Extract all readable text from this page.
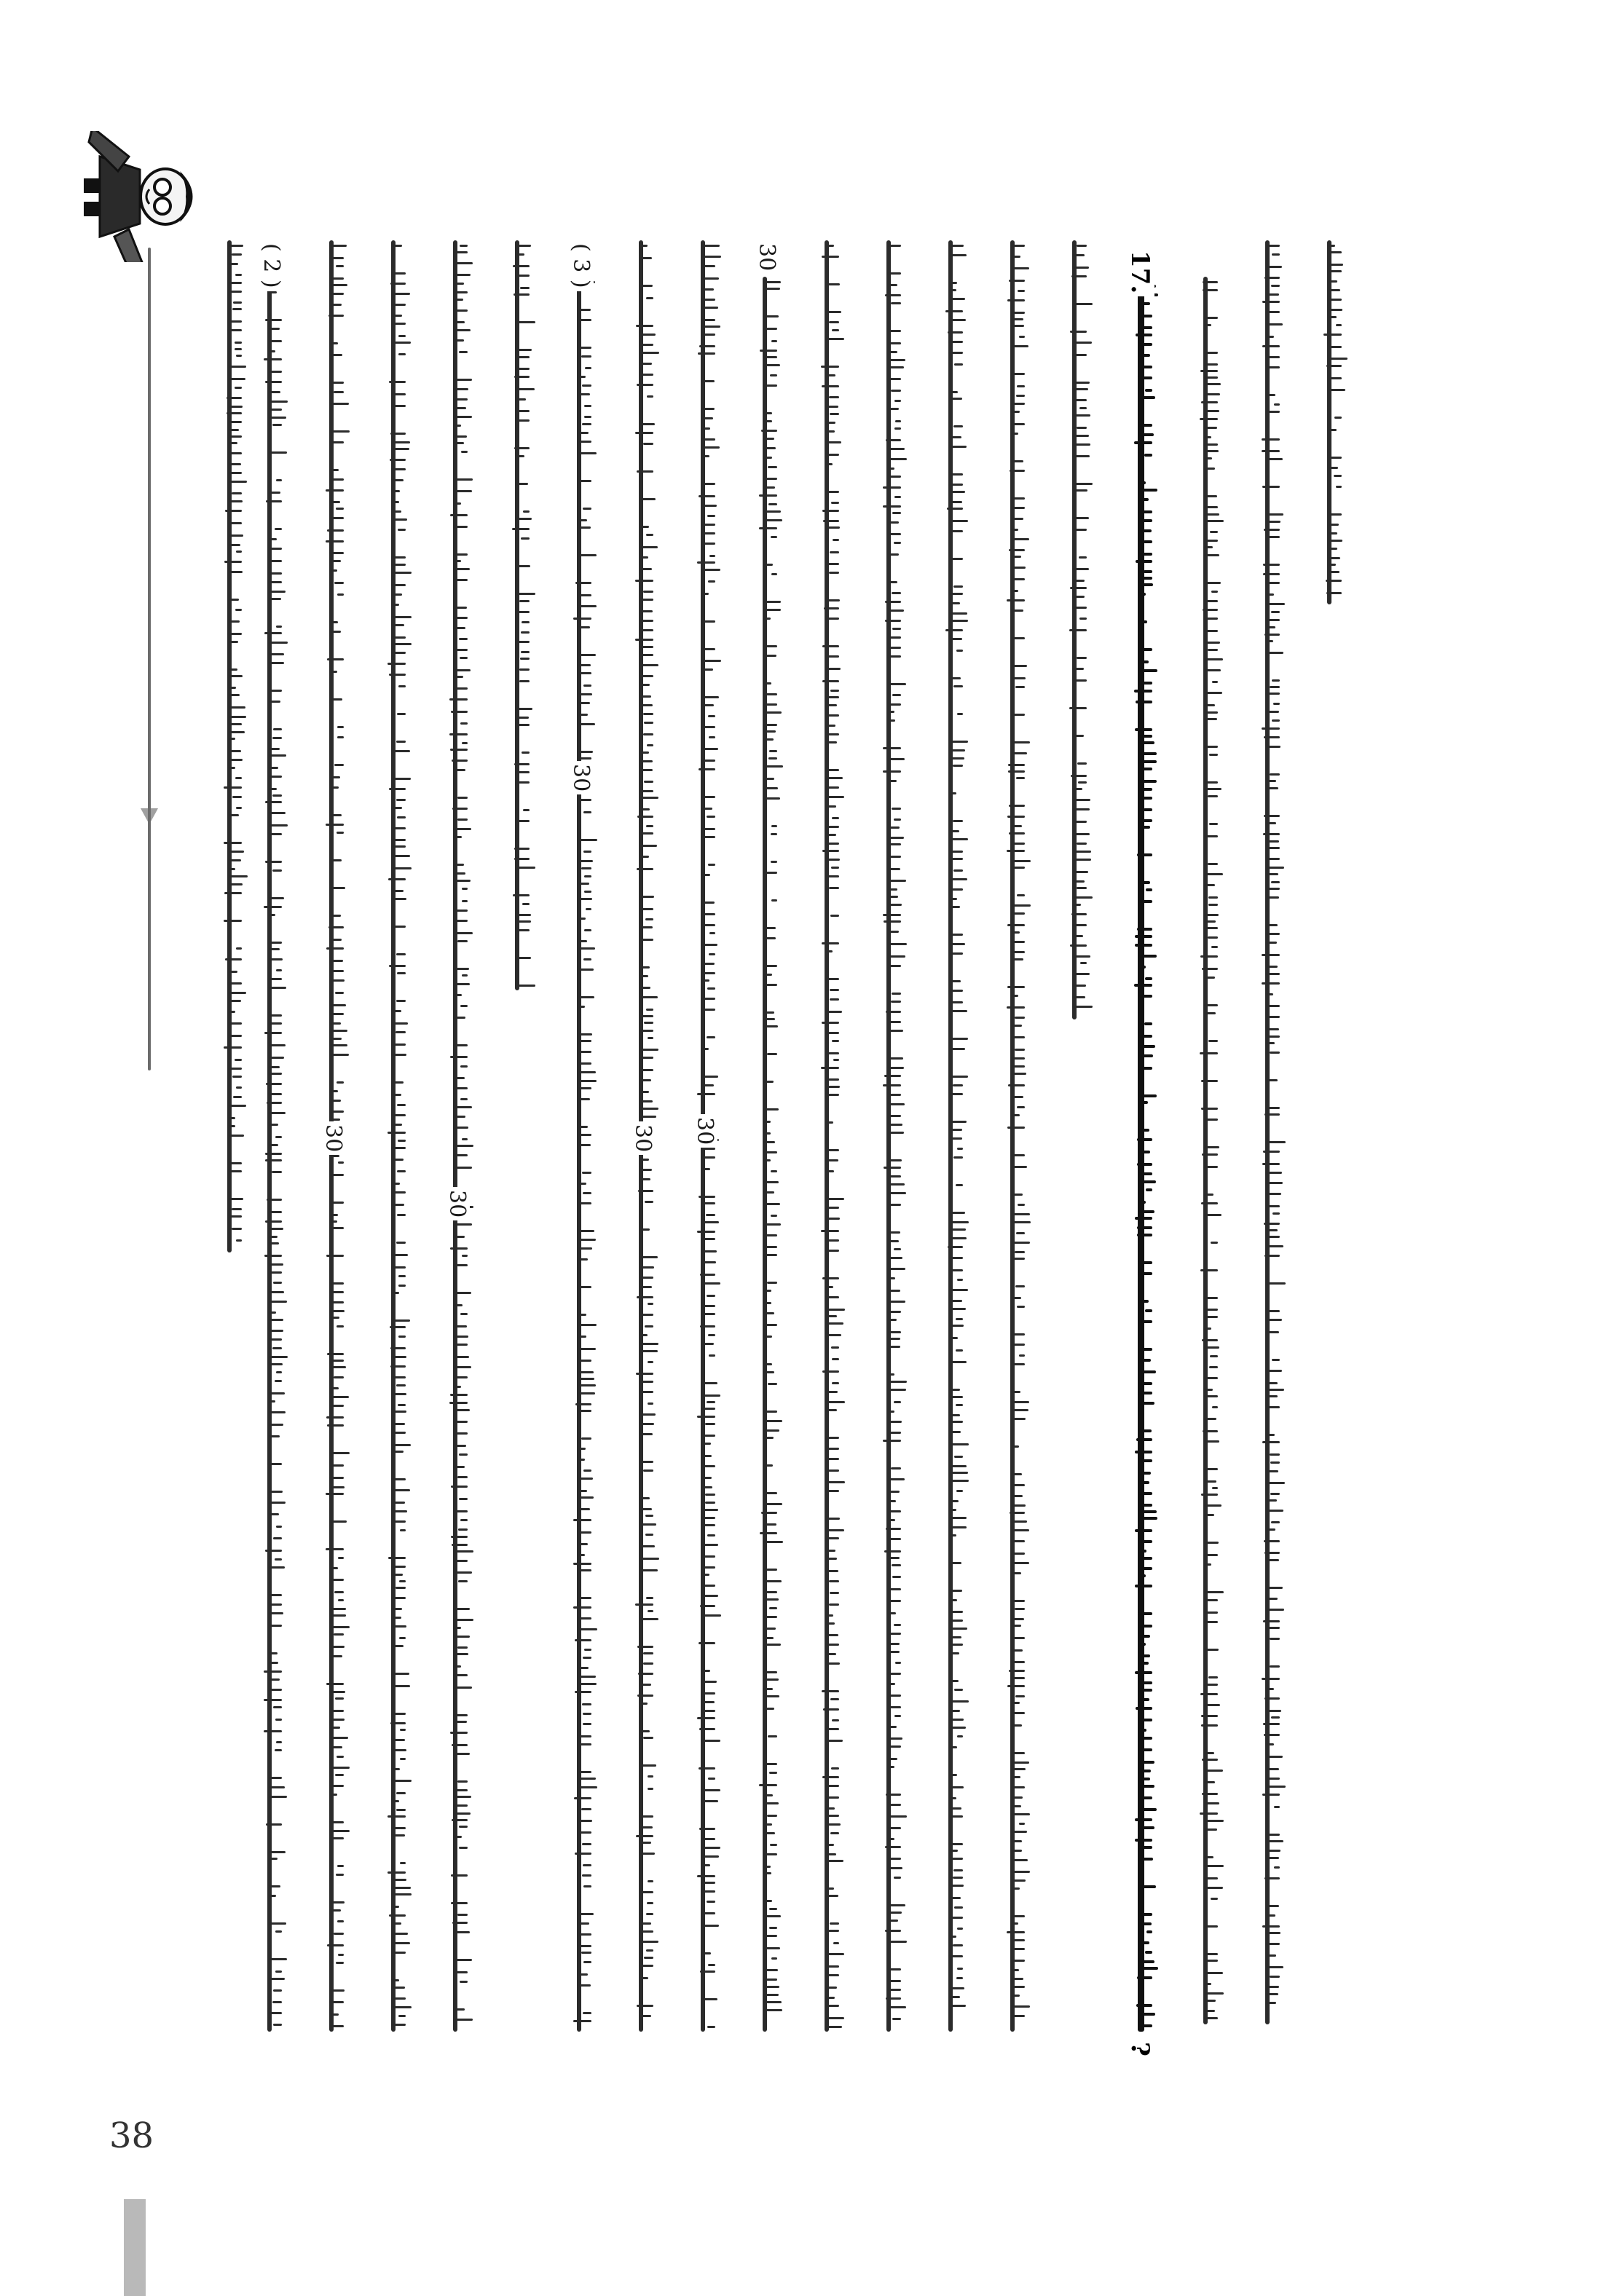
38
17.
?
30
30
30
( 3 )
30
30
30
( 2 )
